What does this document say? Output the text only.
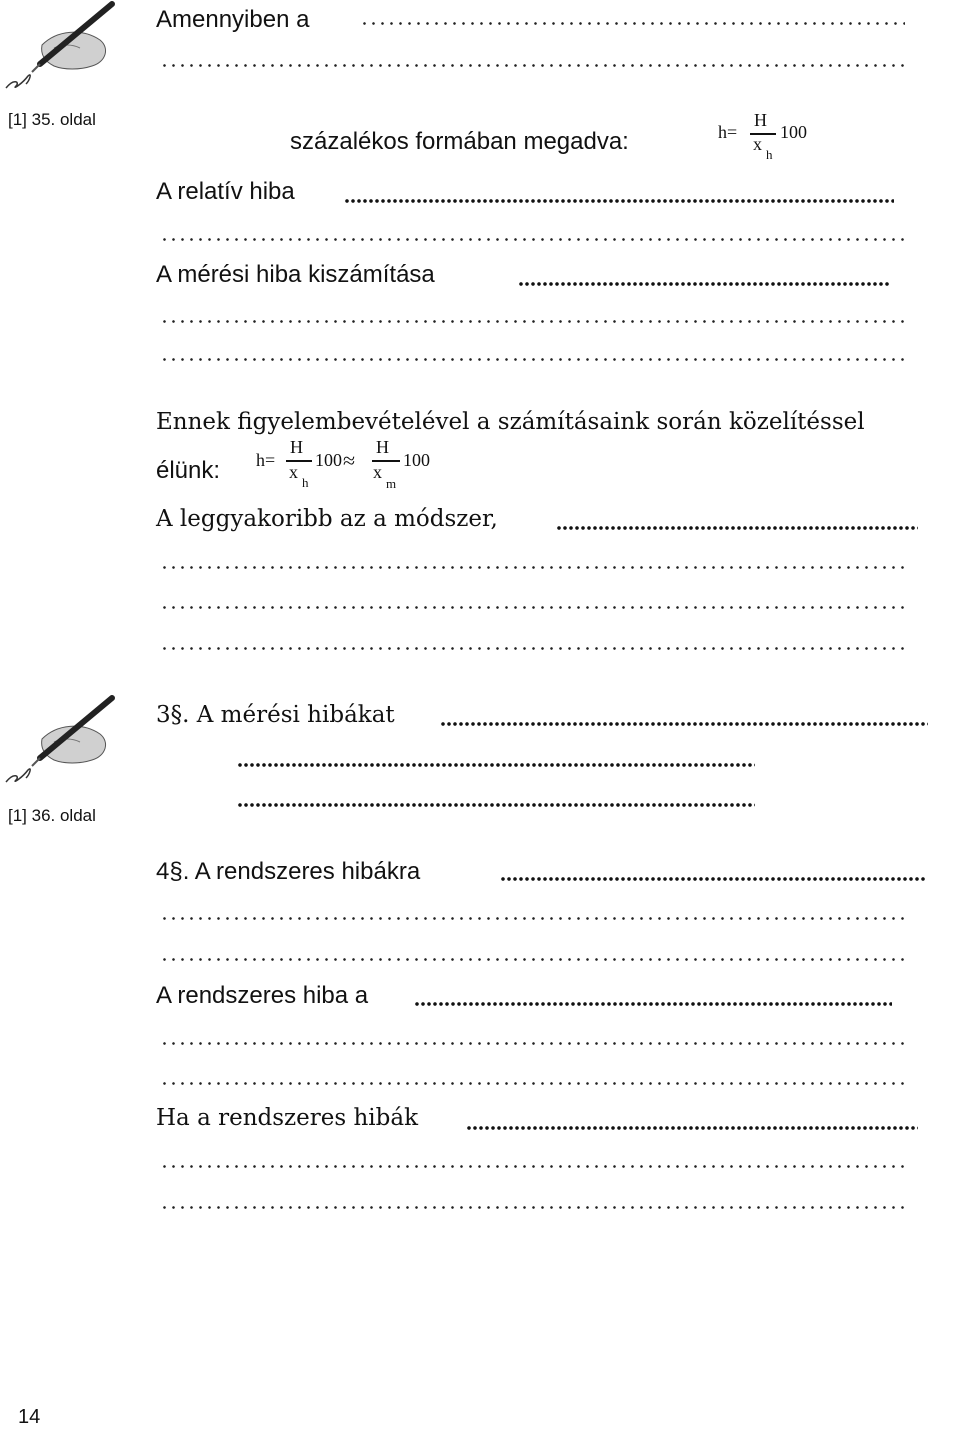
[1] 35. oldal
Amennyiben a
százalékos formában megadva:	h=
H
x
h
100
A relatív hiba
A mérési hiba kiszámítása
Ennek figyelembevételével a számításaink során közelítéssel
élünk: h=
H
x
h
100 ≈
H
x
m
100
A leggyakoribb az a módszer,
[1] 36. oldal
3§. A mérési hibákat
4§. A rendszeres hibákra
A rendszeres hiba a
Ha a rendszeres hibák
14
